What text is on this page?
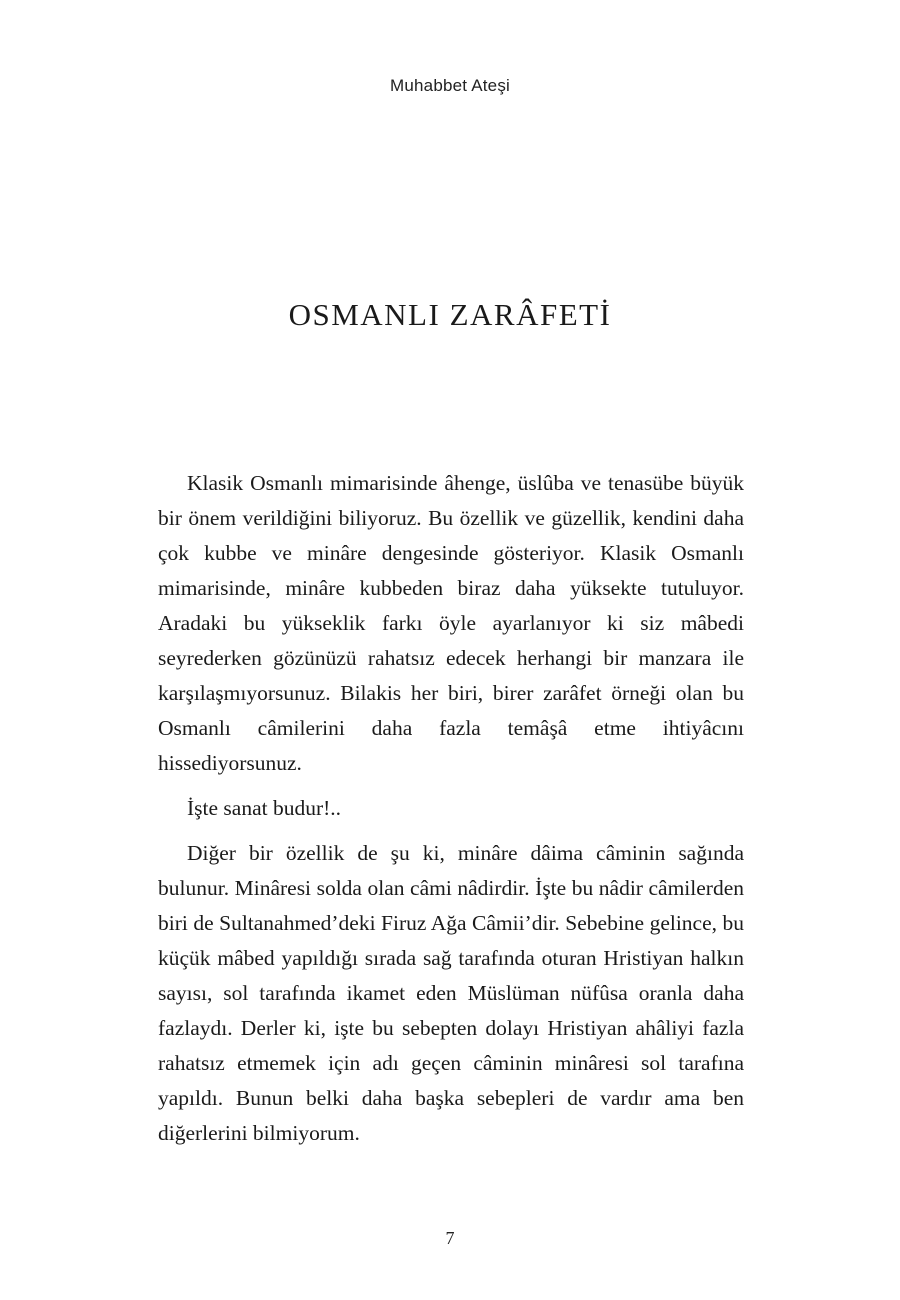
Muhabbet Ateşi
OSMANLI ZARÂFETİ

Klasik Osmanlı mimarisinde âhenge, üslûba ve tenasübe büyük bir önem verildiğini biliyoruz. Bu özellik ve güzellik, kendini daha çok kubbe ve minâre dengesinde gösteriyor. Klasik Osmanlı mimarisinde, minâre kubbeden biraz daha yüksekte tutuluyor. Aradaki bu yükseklik farkı öyle ayarlanıyor ki siz mâbedi seyrederken gözünüzü rahatsız edecek herhangi bir manzara ile karşılaşmıyorsunuz. Bilakis her biri, birer zarâfet örneği olan bu Osmanlı câmilerini daha fazla temâşâ etme ihtiyâcını hissediyorsunuz.

İşte sanat budur!..

Diğer bir özellik de şu ki, minâre dâima câminin sağında bulunur. Minâresi solda olan câmi nâdirdir. İşte bu nâdir câmilerden biri de Sultanahmed’deki Firuz Ağa Câmii’dir. Sebebine gelince, bu küçük mâbed yapıldığı sırada sağ tarafında oturan Hristiyan halkın sayısı, sol tarafında ikamet eden Müslüman nüfûsa oranla daha fazlaydı. Derler ki, işte bu sebepten dolayı Hristiyan ahâliyi fazla rahatsız etmemek için adı geçen câminin minâresi sol tarafına yapıldı. Bunun belki daha başka sebepleri de vardır ama ben diğerlerini bilmiyorum.

7
